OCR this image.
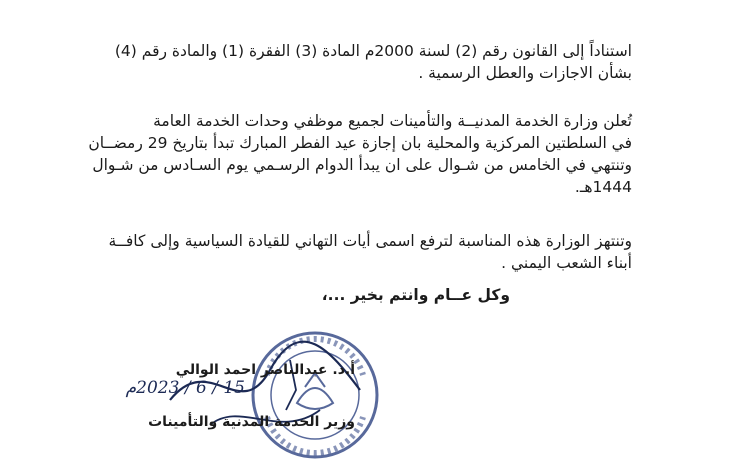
استناداً إلى القانون رقم (2) لسنة 2000م المادة (3) الفقرة (1) والمادة رقم (4)
بشأن الاجازات والعطل الرسمية .
تُعلن وزارة الخدمة المدنيــة والتأمينات لجميع موظفي وحدات الخدمة العامة
في السلطتين المركزية والمحلية بان إجازة عيد الفطر المبارك تبدأ بتاريخ 29 رمضــان
وتنتهي في الخامس من شـوال على ان يبدأ الدوام الرسـمي يوم السـادس من شـوال
1444هـ.
وتنتهز الوزارة هذه المناسبة لترفع اسمى أيات التهاني للقيادة السياسية وإلى كافــة
أبناء الشعب اليمني .
وكل عــام وانتم بخير ...،
أ.د. عبدالناصر احمد الوالي
15 / 6 / 2023م
وزير الخدمة المدنية والتأمينات
